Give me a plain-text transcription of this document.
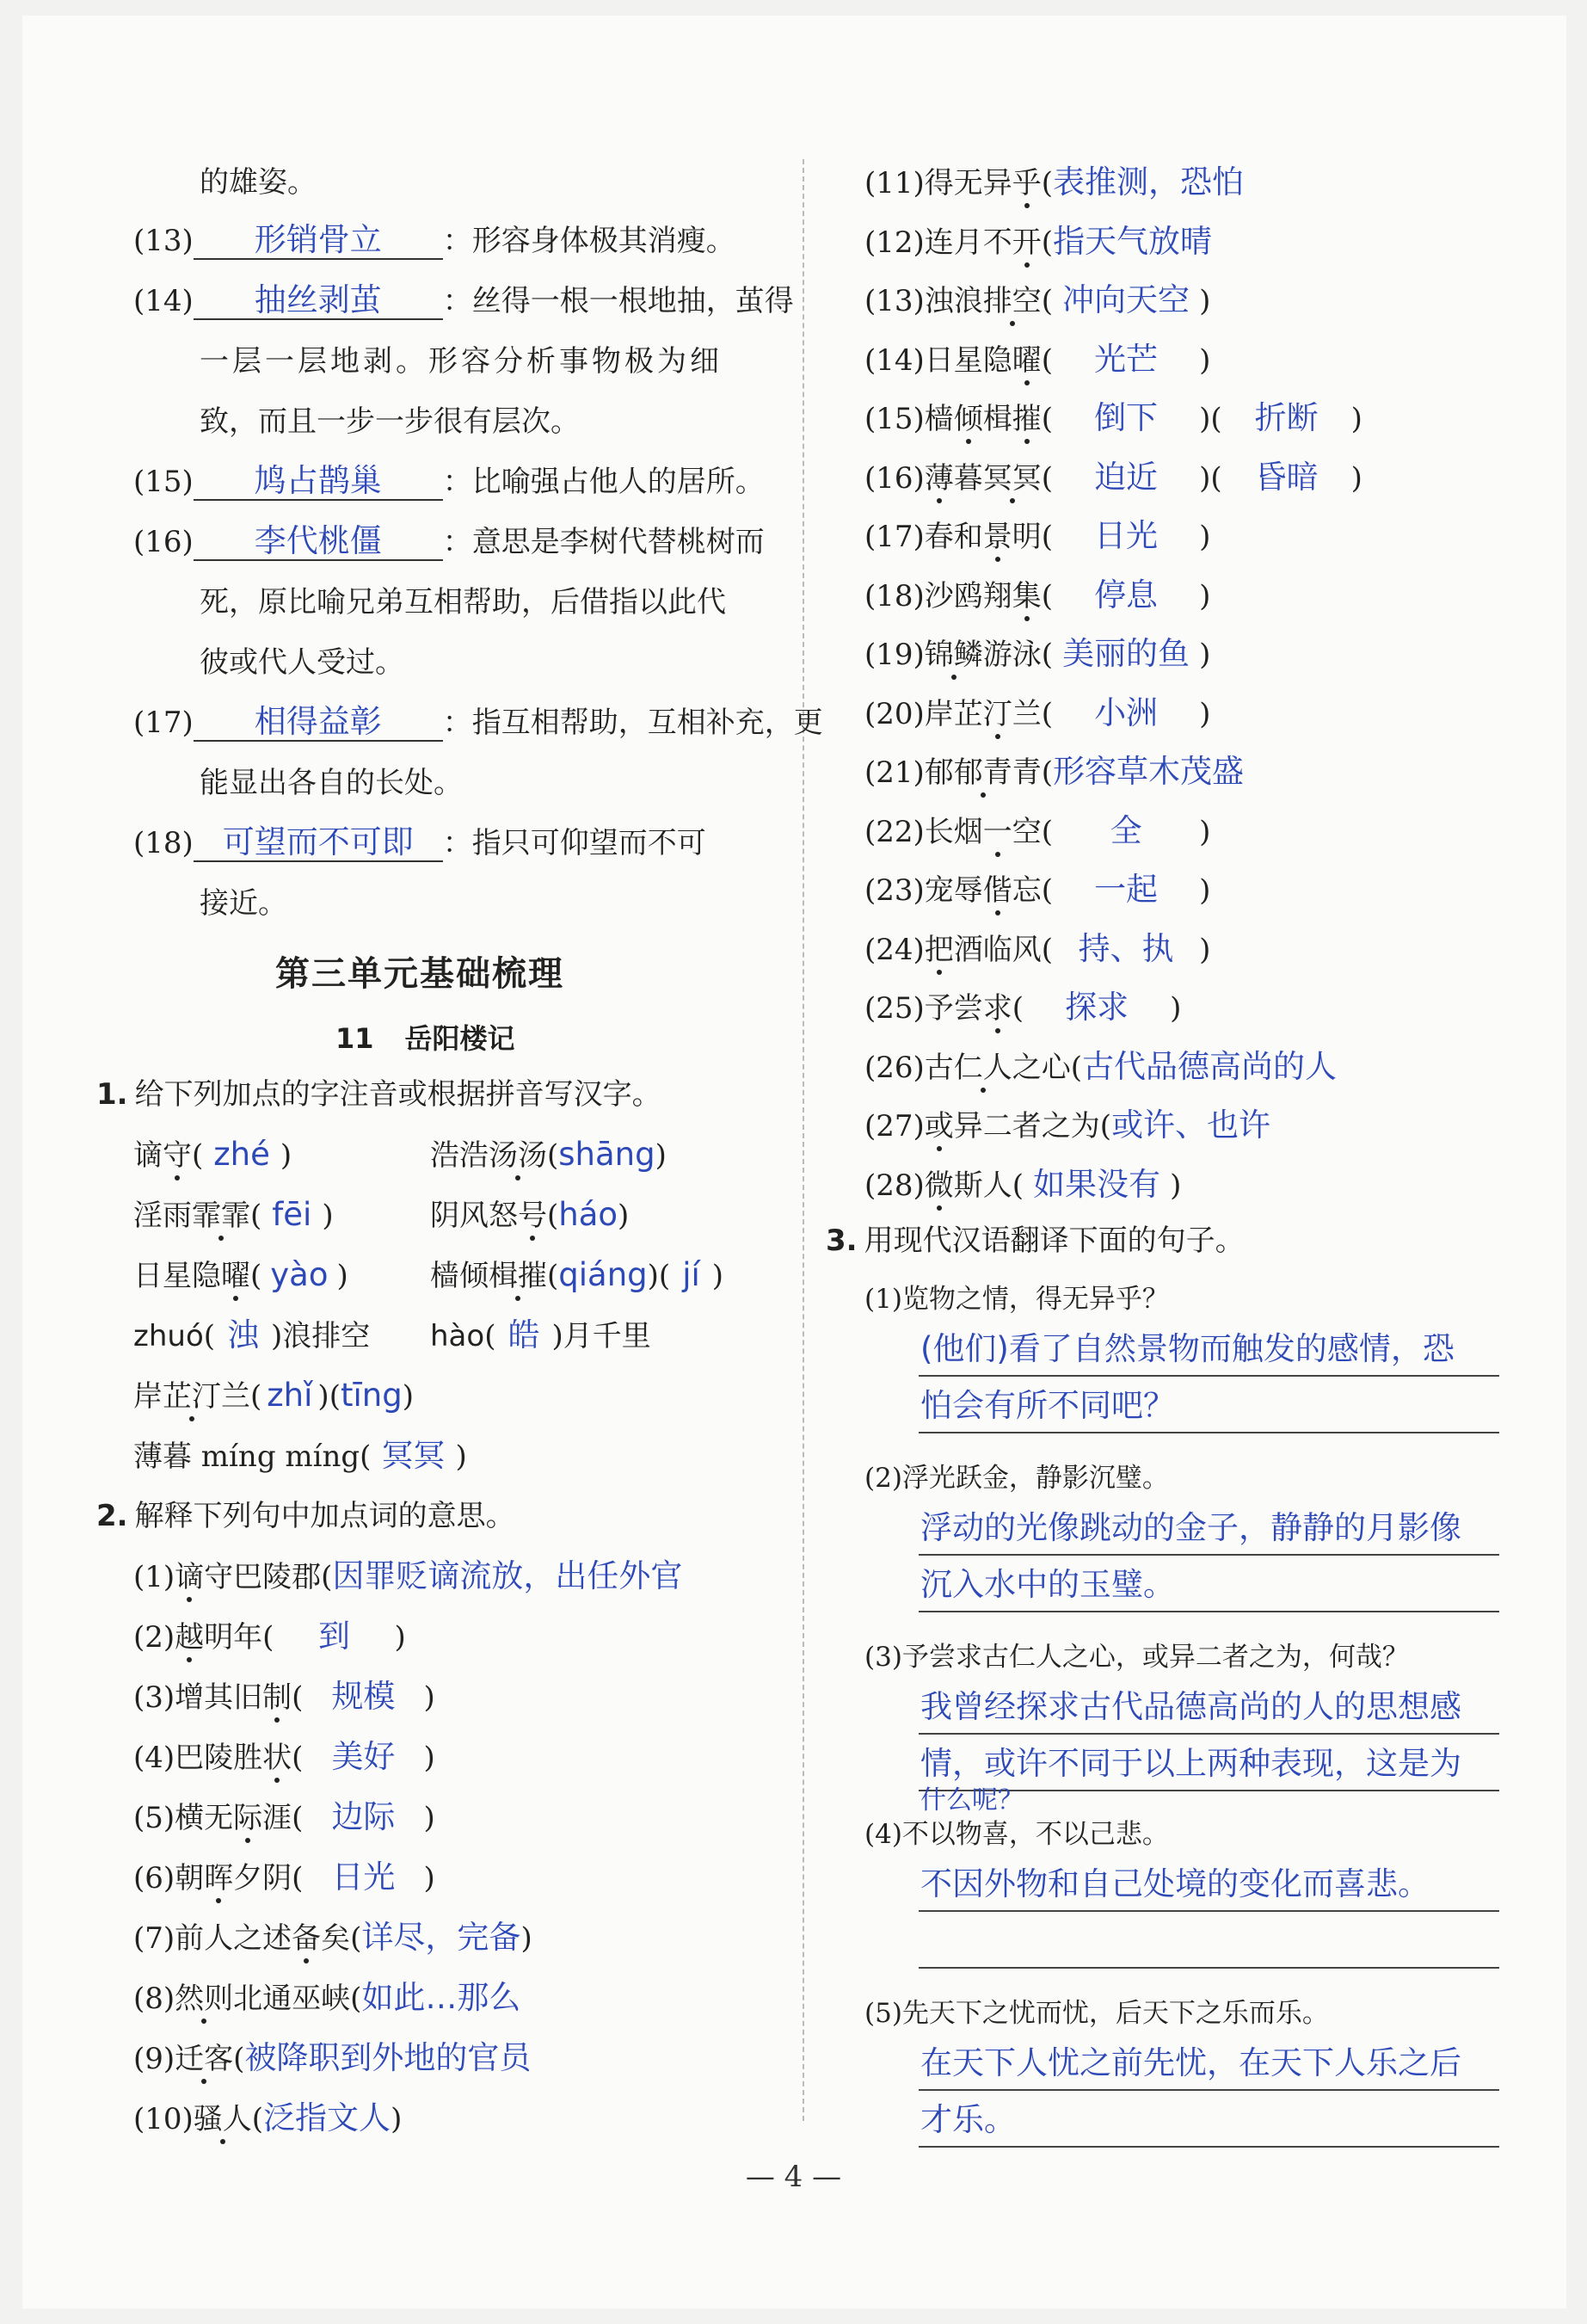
的雄姿。
(13) 形销骨立 ：形容身体极其消瘦。
(14) 抽丝剥茧 ：丝得一根一根地抽，茧得
一层一层地剥。形容分析事物极为细
致，而且一步一步很有层次。
(15) 鸠占鹊巢 ：比喻强占他人的居所。
(16) 李代桃僵 ：意思是李树代替桃树而
死，原比喻兄弟互相帮助，后借指以此代
彼或代人受过。
(17) 相得益彰 ：指互相帮助，互相补充，更
能显出各自的长处。
(18) 可望而不可即 ：指只可仰望而不可
接近。
第三单元基础梳理
11 岳阳楼记
1. 给下列加点的字注音或根据拼音写汉字。
谪守( zhé )	浩浩汤汤(shāng)
淫雨霏霏( fēi )	阴风怒号(háo)
日星隐曜( yào )	樯倾楫摧(qiáng)( jí )
zhuó( 浊 )浪排空 hào( 皓 )月千里
岸芷汀兰( zhǐ )(tīng)
薄暮 míng míng( 冥冥 )
2. 解释下列句中加点词的意思。
(1)谪守巴陵郡(因罪贬谪流放，出任外官
(2)越明年( 到 )
(3)增其旧制( 规模 )
(4)巴陵胜状( 美好 )
(5)横无际涯( 边际 )
(6)朝晖夕阴( 日光 )
(7)前人之述备矣(详尽，完备)
(8)然则北通巫峡(如此…那么
(9)迁客(被降职到外地的官员
(10)骚人(泛指文人)
(11)得无异乎(表推测，恐怕
(12)连月不开(指天气放晴
(13)浊浪排空( 冲向天空 )
(14)日星隐曜( 光芒 )
(15)樯倾楫摧( 倒下 )( 折断 )
(16)薄暮冥冥( 迫近 )( 昏暗 )
(17)春和景明( 日光 )
(18)沙鸥翔集( 停息 )
(19)锦鳞游泳( 美丽的鱼 )
(20)岸芷汀兰( 小洲 )
(21)郁郁青青(形容草木茂盛
(22)长烟一空( 全 )
(23)宠辱偕忘( 一起 )
(24)把酒临风( 持、执 )
(25)予尝求( 探求 )
(26)古仁人之心(古代品德高尚的人
(27)或异二者之为(或许、也许
(28)微斯人( 如果没有 )
3. 用现代汉语翻译下面的句子。
(1)览物之情，得无异乎？
(他们)看了自然景物而触发的感情，恐
怕会有所不同吧？
(2)浮光跃金，静影沉璧。
浮动的光像跳动的金子，静静的月影像
沉入水中的玉璧。
(3)予尝求古仁人之心，或异二者之为，何哉？
我曾经探求古代品德高尚的人的思想感
情，或许不同于以上两种表现，这是为
什么呢？
(4)不以物喜，不以己悲。
不因外物和自己处境的变化而喜悲。
(5)先天下之忧而忧，后天下之乐而乐。
在天下人忧之前先忧，在天下人乐之后
才乐。
— 4 —
